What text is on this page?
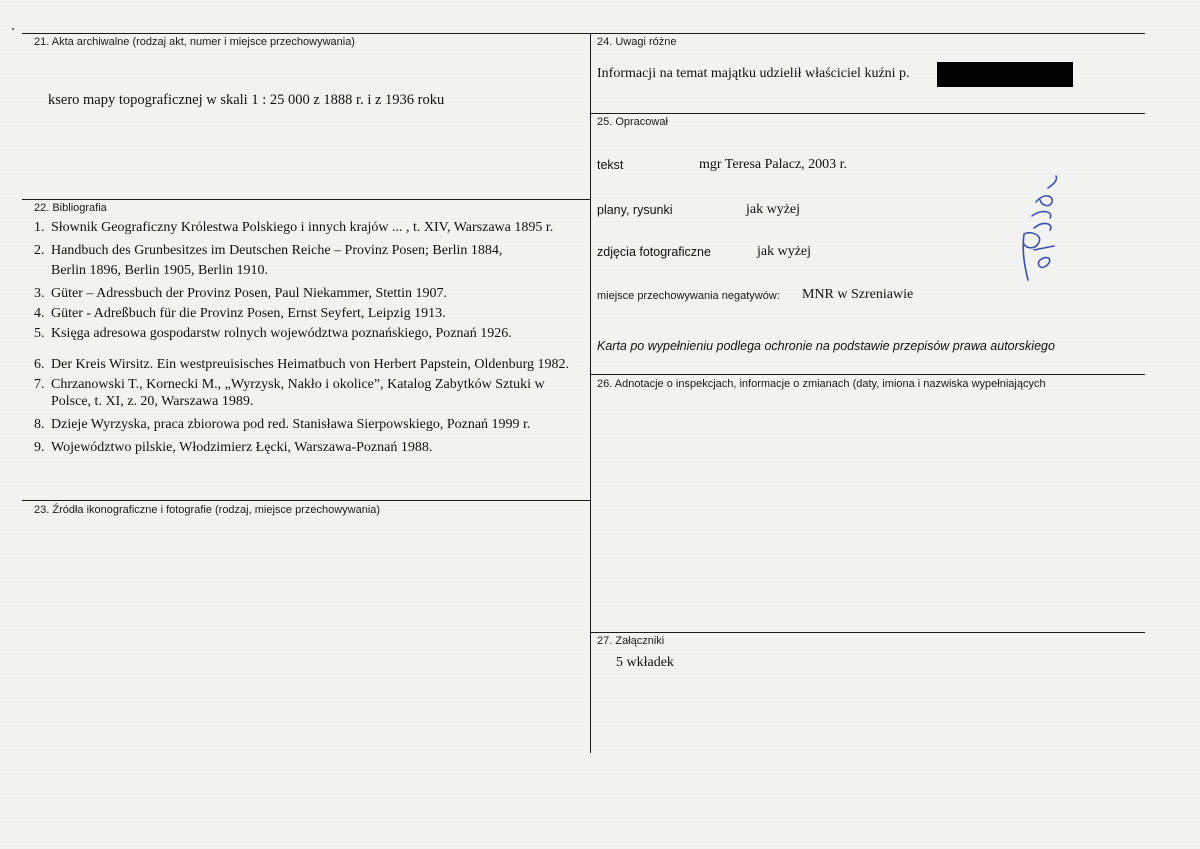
21. Akta archiwalne (rodzaj akt, numer i miejsce przechowywania)
ksero mapy topograficznej w skali 1 : 25 000 z 1888 r. i z 1936 roku
22. Bibliografia
1. Słownik Geograficzny Królestwa Polskiego i innych krajów ... , t. XIV, Warszawa 1895 r.
2. Handbuch des Grunbesitzes im Deutschen Reiche – Provinz Posen; Berlin 1884,
Berlin 1896, Berlin 1905, Berlin 1910.
3. Güter – Adressbuch der Provinz Posen, Paul Niekammer, Stettin 1907.
4. Güter - Adreßbuch für die Provinz Posen, Ernst Seyfert, Leipzig 1913.
5. Księga adresowa gospodarstw rolnych województwa poznańskiego, Poznań 1926.
6. Der Kreis Wirsitz. Ein westpreuisisches Heimatbuch von Herbert Papstein, Oldenburg 1982.
7. Chrzanowski T., Kornecki M., „Wyrzysk, Nakło i okolice”, Katalog Zabytków Sztuki w
Polsce, t. XI, z. 20, Warszawa 1989.
8. Dzieje Wyrzyska, praca zbiorowa pod red. Stanisława Sierpowskiego, Poznań 1999 r.
9. Województwo pilskie, Włodzimierz Łęcki, Warszawa-Poznań 1988.
23. Źródła ikonograficzne i fotografie (rodzaj, miejsce przechowywania)
24. Uwagi różne
Informacji na temat majątku udzielił właściciel kuźni p.
25. Opracował
tekst	mgr Teresa Palacz, 2003 r.
plany, rysunki	jak wyżej
zdjęcia fotograficzne	jak wyżej
miejsce przechowywania negatywów: MNR w Szreniawie
Karta po wypełnieniu podlega ochronie na podstawie przepisów prawa autorskiego
26. Adnotacje o inspekcjach, informacje o zmianach (daty, imiona i nazwiska wypełniających
27. Załączniki
5 wkładek
